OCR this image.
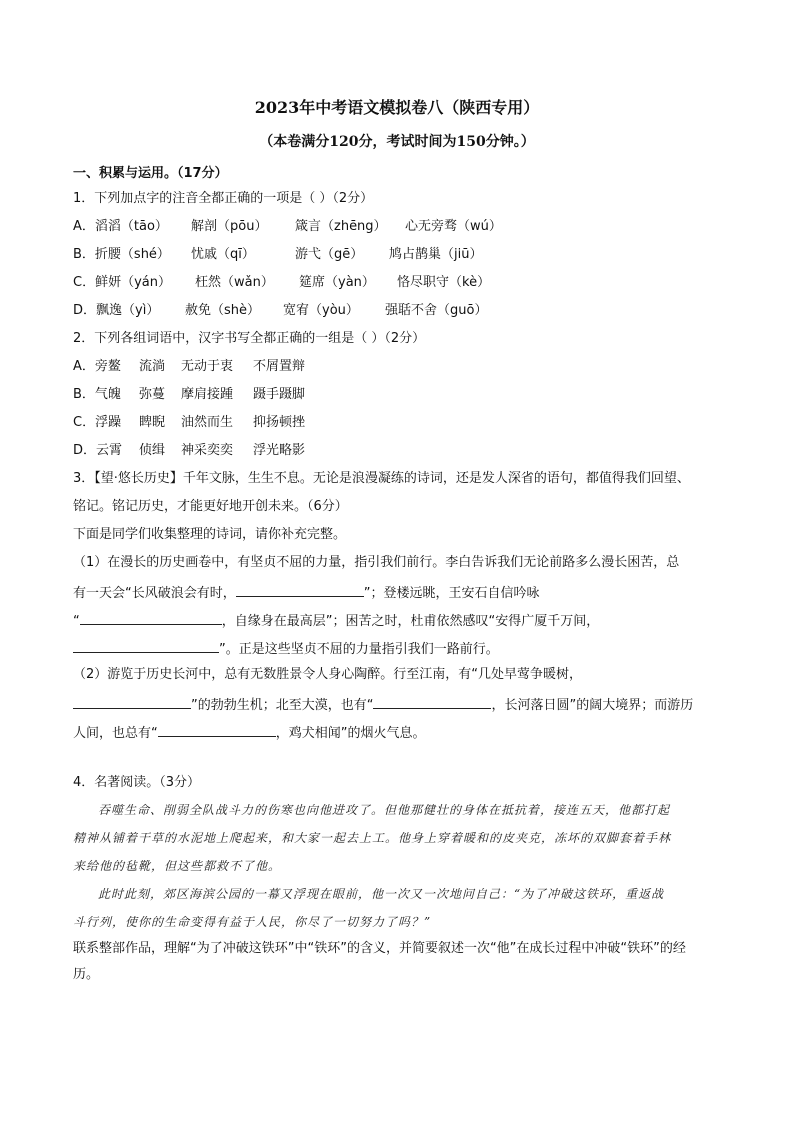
2023年中考语文模拟卷八（陕西专用）
（本卷满分120分，考试时间为150分钟。）
一、积累与运用。（17分）
1．下列加点字的注音全都正确的一项是（ ）（2分）
A．滔滔（tāo） 解剖（pōu） 箴言（zhēng） 心无旁骛（wú）
B．折腰（shé） 忧戚（qī）	游弋（gē） 鸠占鹊巢（jiū）
C．鲜妍（yán） 枉然（wǎn） 筵席（yàn） 恪尽职守（kè）
D．飘逸（yì） 赦免（shè） 宽宥（yòu） 强聒不舍（guō）
2．下列各组词语中，汉字书写全都正确的一组是（ ）（2分）
A．旁鳌 流淌 无动于衷 不屑置辩
B．气魄 弥蔓 摩肩接踵 蹑手蹑脚
C．浮躁 睥睨 油然而生 抑扬顿挫
D．云霄 侦缉 神采奕奕 浮光略影
3．【望·悠长历史】千年文脉，生生不息。无论是浪漫凝练的诗词，还是发人深省的语句，都值得我们回望、
铭记。铭记历史，才能更好地开创未来。（6分）
下面是同学们收集整理的诗词，请你补充完整。
（1）在漫长的历史画卷中，有坚贞不屈的力量，指引我们前行。李白告诉我们无论前路多么漫长困苦，总
有一天会“长风破浪会有时，	”；登楼远眺，王安石自信吟咏
“	，自缘身在最高层”；困苦之时，杜甫依然感叹“安得广厦千万间，
”。正是这些坚贞不屈的力量指引我们一路前行。
（2）游览于历史长河中，总有无数胜景令人身心陶醉。行至江南，有“几处早莺争暖树，
”的勃勃生机；北至大漠，也有“	，长河落日圆”的阔大境界；而游历
人间，也总有“	，鸡犬相闻”的烟火气息。
4．名著阅读。（3分）
吞噬生命、削弱全队战斗力的伤寒也向他进攻了。但他那健壮的身体在抵抗着，接连五天，他都打起
精神从铺着干草的水泥地上爬起来，和大家一起去上工。他身上穿着暖和的皮夹克，冻坏的双脚套着手林
来给他的毡靴，但这些都救不了他。
此时此刻，郊区海滨公园的一幕又浮现在眼前，他一次又一次地问自己：“为了冲破这铁环，重返战
斗行列，使你的生命变得有益于人民，你尽了一切努力了吗？”
联系整部作品，理解“为了冲破这铁环”中“铁环”的含义，并简要叙述一次“他”在成长过程中冲破“铁环”的经
历。
